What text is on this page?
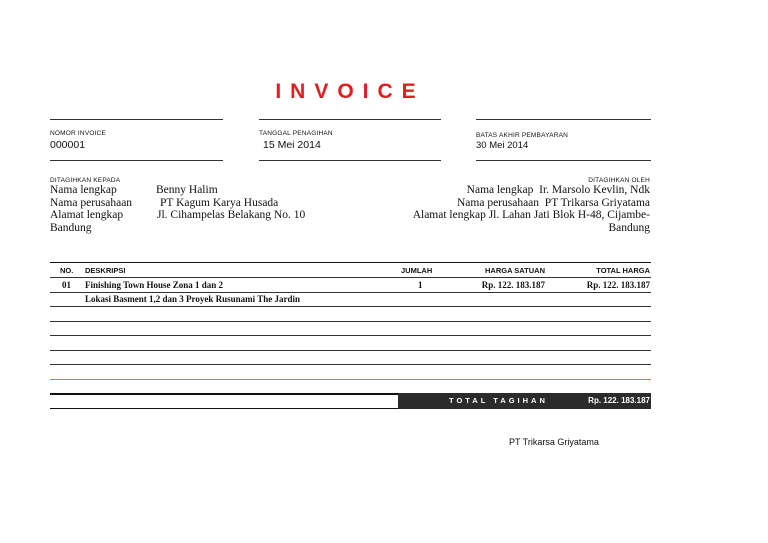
INVOICE
NOMOR INVOICE
000001
TANGGAL PENAGIHAN
15 Mei 2014
BATAS AKHIR PEMBAYARAN
30 Mei 2014
DITAGIHKAN KEPADA
Nama lengkap	Benny Halim
Nama perusahaan PT Kagum Karya Husada
Alamat lengkap	Jl. Cihampelas Belakang No. 10
Bandung
DITAGIHKAN OLEH
Nama lengkap Ir. Marsolo Kevlin, Ndk
Nama perusahaan PT Trikarsa Griyatama
Alamat lengkap Jl. Lahan Jati Blok H-48, Cijambe-
Bandung
NO. DESKRIPSI	JUMLAH	HARGA SATUAN	TOTAL HARGA
01 Finishing Town House Zona 1 dan 2	1	Rp. 122. 183.187	Rp. 122. 183.187
Lokasi Basment 1,2 dan 3 Proyek Rusunami The Jardin
TOTAL TAGIHAN	Rp. 122. 183.187
PT Trikarsa Griyatama
